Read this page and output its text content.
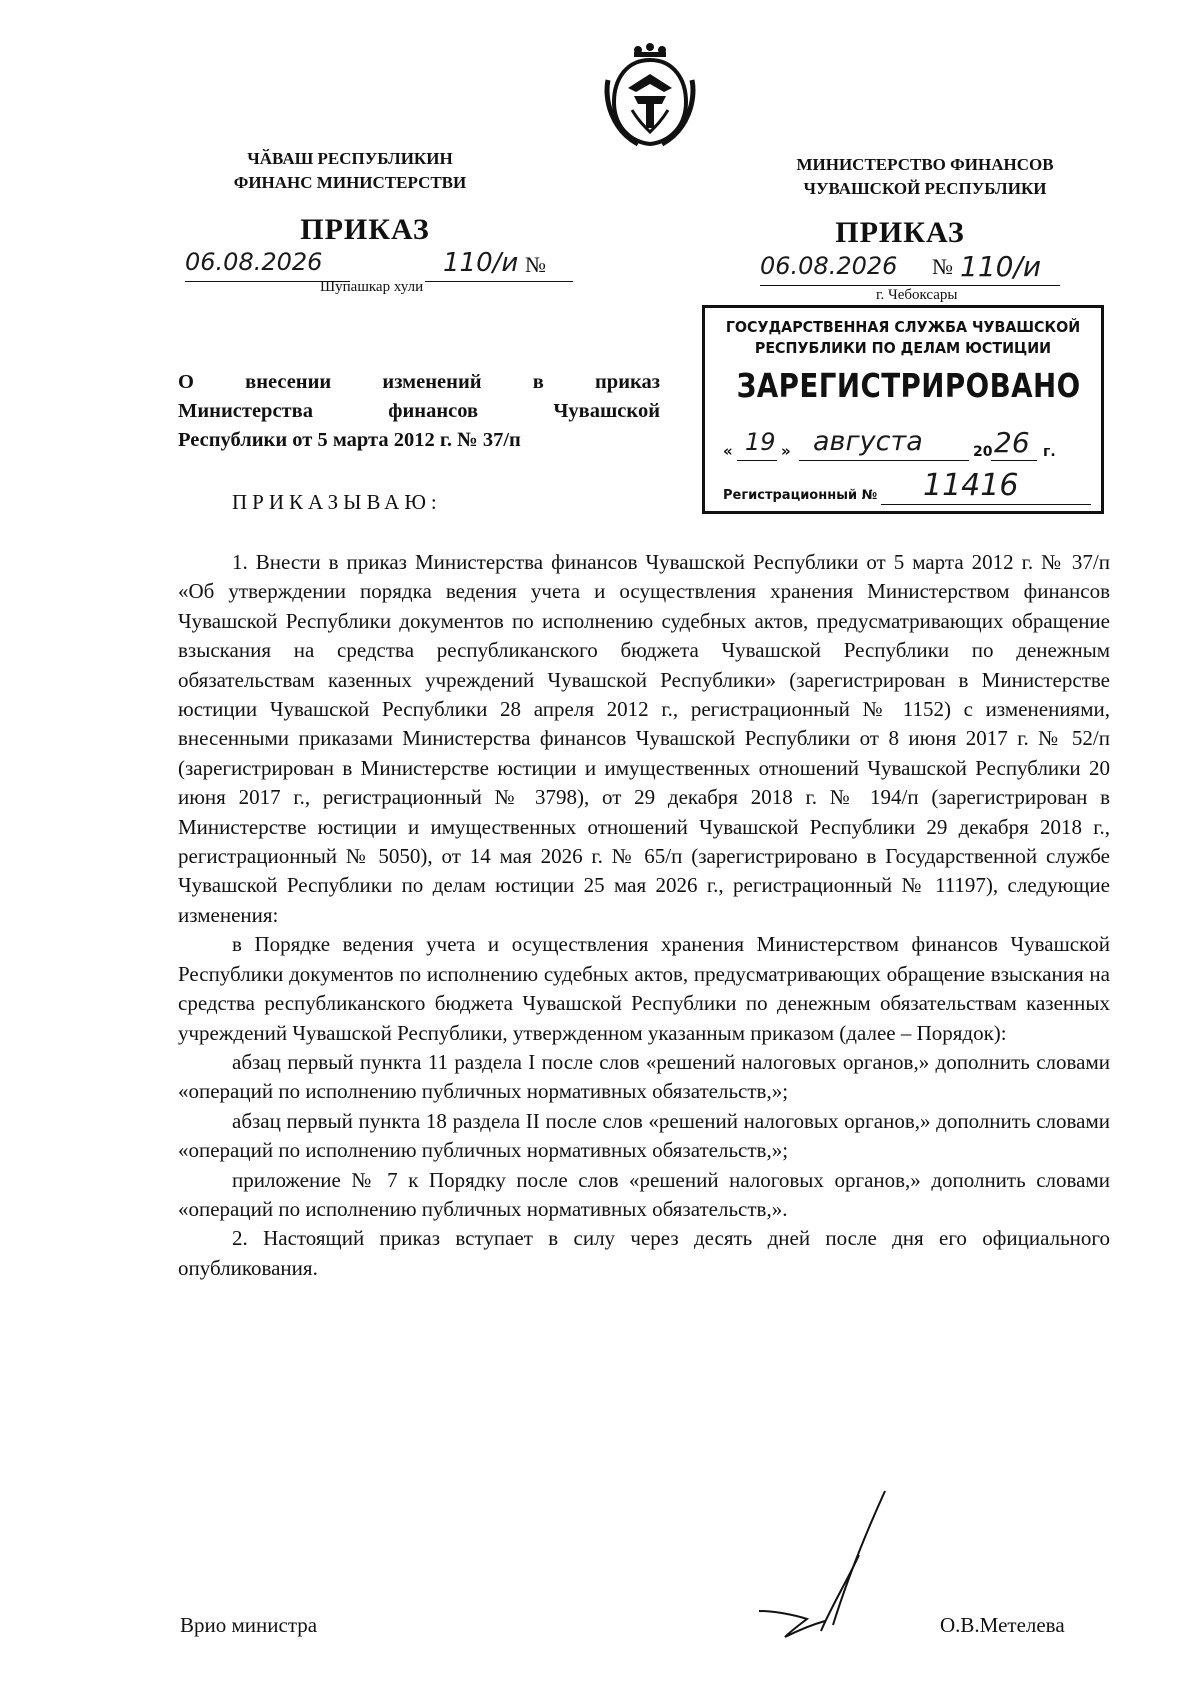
ЧӐВАШ РЕСПУБЛИКИН
ФИНАНС МИНИСТЕРСТВИ
МИНИСТЕРСТВО ФИНАНСОВ
ЧУВАШСКОЙ РЕСПУБЛИКИ
ПРИКАЗ
06.08.2026	110/и №
Шупашкар хули
ПРИКАЗ
06.08.2026 № 110/и
г. Чебоксары
ГОСУДАРСТВЕННАЯ СЛУЖБА ЧУВАШСКОЙ
РЕСПУБЛИКИ ПО ДЕЛАМ ЮСТИЦИИ
ЗАРЕГИСТРИРОВАНО
« 19 » августа	20 26 г.
Регистрационный № 11416
О внесении изменений в приказ
Министерства финансов Чувашской
Республики от 5 марта 2012 г. № 37/п
ПРИКАЗЫВАЮ:

1. Внести в приказ Министерства финансов Чувашской Республики от 5 марта 2012 г. № 37/п «Об утверждении порядка ведения учета и осуществления хранения Министерством финансов Чувашской Республики документов по исполнению судебных актов, предусматривающих обращение взыскания на средства республиканского бюджета Чувашской Республики по денежным обязательствам казенных учреждений Чувашской Республики» (зарегистрирован в Министерстве юстиции Чувашской Республики 28 апреля 2012 г., регистрационный № 1152) с изменениями, внесенными приказами Министерства финансов Чувашской Республики от 8 июня 2017 г. № 52/п (зарегистрирован в Министерстве юстиции и имущественных отношений Чувашской Республики 20 июня 2017 г., регистрационный № 3798), от 29 декабря 2018 г. № 194/п (зарегистрирован в Министерстве юстиции и имущественных отношений Чувашской Республики 29 декабря 2018 г., регистрационный № 5050), от 14 мая 2026 г. № 65/п (зарегистрировано в Государственной службе Чувашской Республики по делам юстиции 25 мая 2026 г., регистрационный № 11197), следующие изменения:

в Порядке ведения учета и осуществления хранения Министерством финансов Чувашской Республики документов по исполнению судебных актов, предусматривающих обращение взыскания на средства республиканского бюджета Чувашской Республики по денежным обязательствам казенных учреждений Чувашской Республики, утвержденном указанным приказом (далее – Порядок):

абзац первый пункта 11 раздела I после слов «решений налоговых органов,» дополнить словами «операций по исполнению публичных нормативных обязательств,»;

абзац первый пункта 18 раздела II после слов «решений налоговых органов,» дополнить словами «операций по исполнению публичных нормативных обязательств,»;

приложение № 7 к Порядку после слов «решений налоговых органов,» дополнить словами «операций по исполнению публичных нормативных обязательств,».

2. Настоящий приказ вступает в силу через десять дней после дня его официального опубликования.

Врио министра	О.В.Метелева
